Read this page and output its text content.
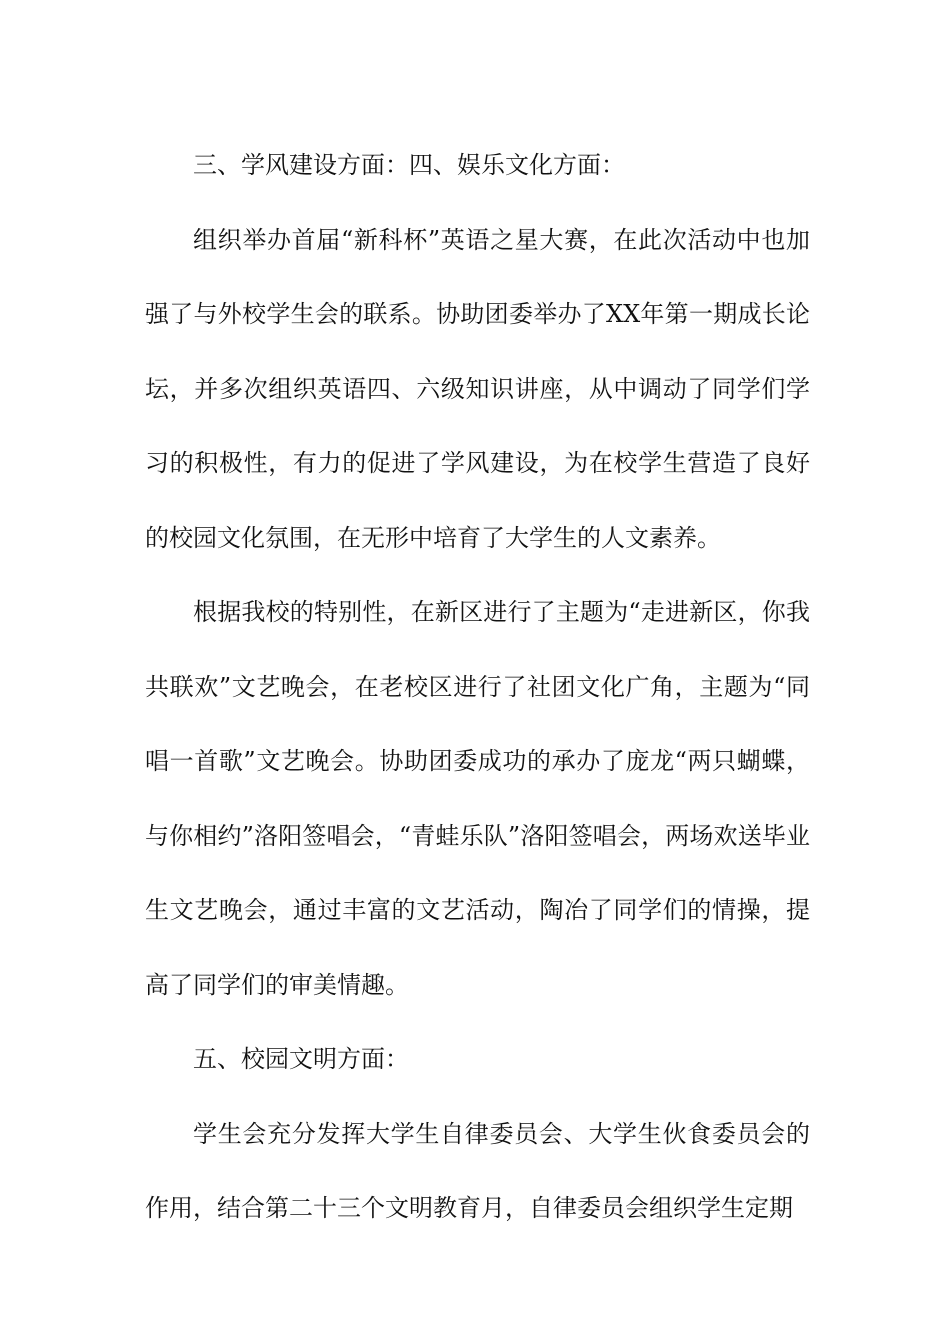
三、学风建设方面：四、娱乐文化方面：

组织举办首届“新科杯”英语之星大赛，在此次活动中也加强了与外校学生会的联系。协助团委举办了XX年第一期成长论坛，并多次组织英语四、六级知识讲座，从中调动了同学们学习的积极性，有力的促进了学风建设，为在校学生营造了良好的校园文化氛围，在无形中培育了大学生的人文素养。

根据我校的特别性，在新区进行了主题为“走进新区，你我共联欢”文艺晚会，在老校区进行了社团文化广角，主题为“同唱一首歌”文艺晚会。协助团委成功的承办了庞龙“两只蝴蝶，与你相约”洛阳签唱会，“青蛙乐队”洛阳签唱会，两场欢送毕业生文艺晚会，通过丰富的文艺活动，陶冶了同学们的情操，提高了同学们的审美情趣。

五、校园文明方面：

学生会充分发挥大学生自律委员会、大学生伙食委员会的作用，结合第二十三个文明教育月，自律委员会组织学生定期
